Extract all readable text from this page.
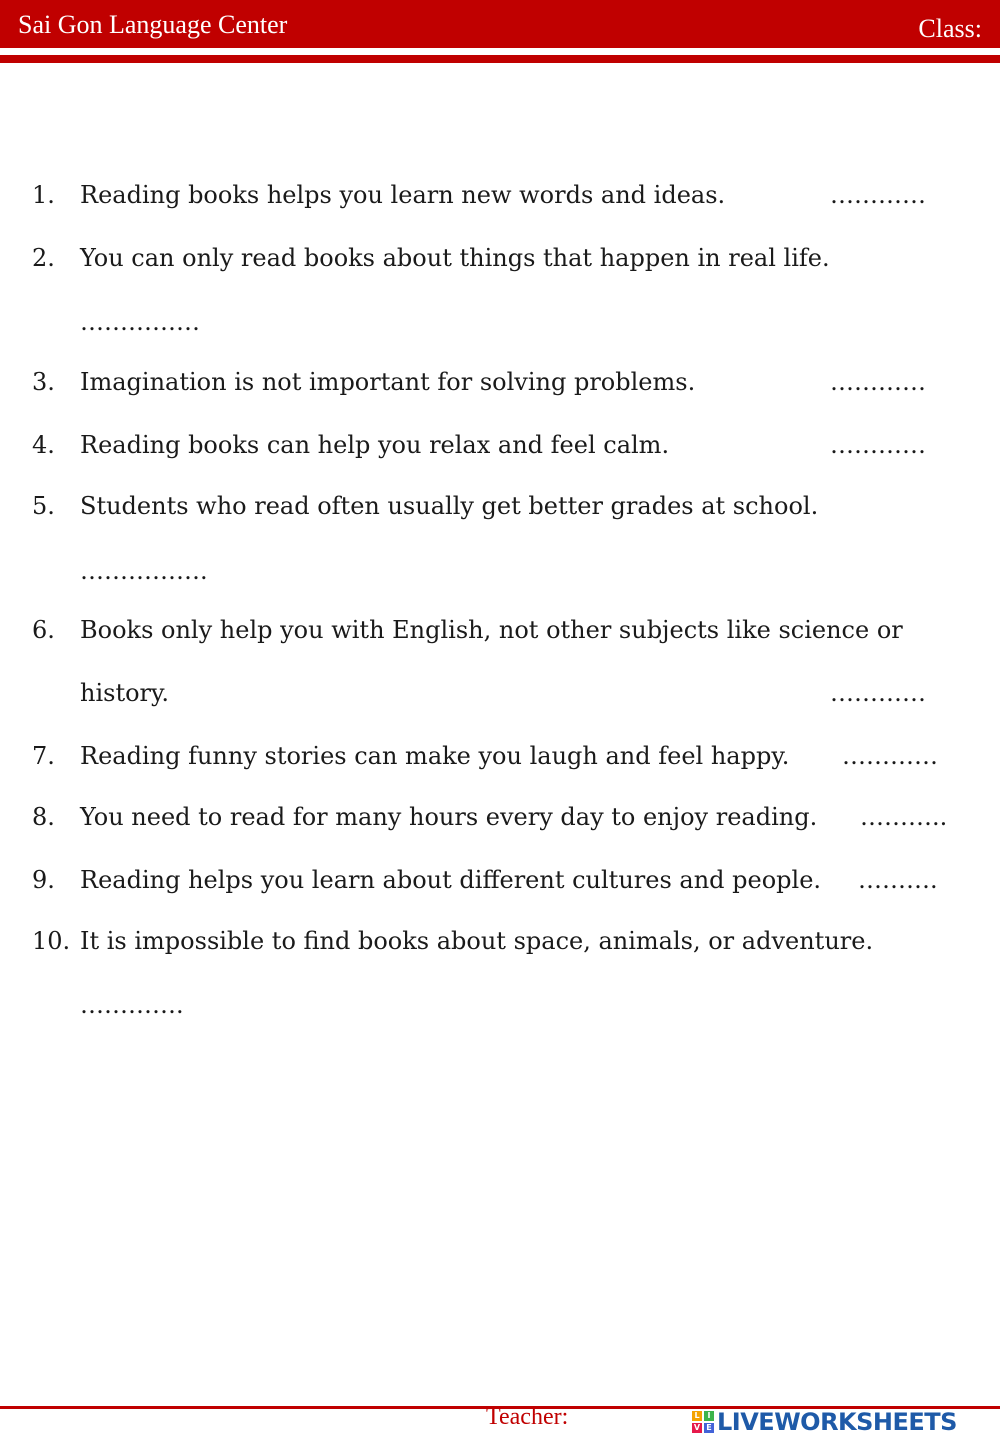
Sai Gon Language Center	Class:
1. Reading books helps you learn new words and ideas.	…………
2. You can only read books about things that happen in real life.
……………
3. Imagination is not important for solving problems.	…………
4. Reading books can help you relax and feel calm.	…………
5. Students who read often usually get better grades at school.
…………….
6. Books only help you with English, not other subjects like science or
history.	…………
7. Reading funny stories can make you laugh and feel happy. …………
8. You need to read for many hours every day to enjoy reading. ………..
9. Reading helps you learn about different cultures and people. ……….
10. It is impossible to find books about space, animals, or adventure.
………….
Teacher:	L I
V E LIVEWORKSHEETS
